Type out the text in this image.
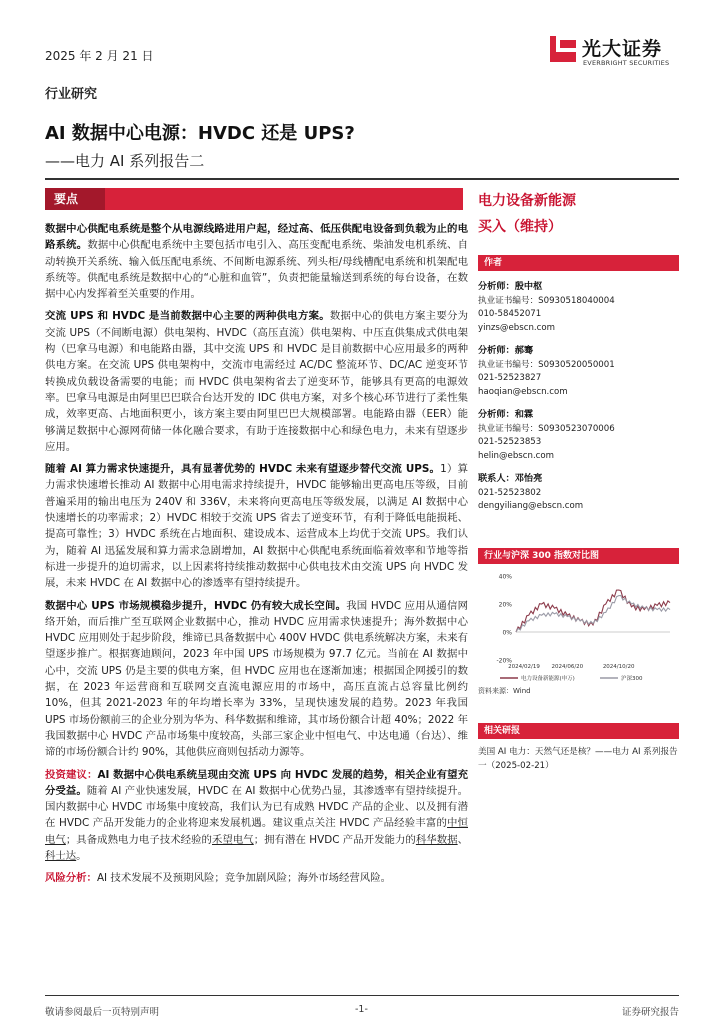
2025 年 2 月 21 日	光大证券
EVERBRIGHT SECURITIES
行业研究
AI 数据中心电源：HVDC 还是 UPS?
——电力 AI 系列报告二
要点

数据中心供配电系统是整个从电源线路进用户起，经过高、低压供配电设备到负载为止的电路系统。数据中心供配电系统中主要包括市电引入、高压变配电系统、柴油发电机系统、自动转换开关系统、输入低压配电系统、不间断电源系统、列头柜/母线槽配电系统和机架配电系统等。供配电系统是数据中心的“心脏和血管”，负责把能量输送到系统的每台设备，在数据中心内发挥着至关重要的作用。

交流 UPS 和 HVDC 是当前数据中心主要的两种供电方案。数据中心的供电方案主要分为交流 UPS（不间断电源）供电架构、HVDC（高压直流）供电架构、中压直供集成式供电架构（巴拿马电源）和电能路由器，其中交流 UPS 和 HVDC 是目前数据中心应用最多的两种供电方案。在交流 UPS 供电架构中，交流市电需经过 AC/DC 整流环节、DC/AC 逆变环节转换成负载设备需要的电能；而 HVDC 供电架构省去了逆变环节，能够具有更高的电源效率。巴拿马电源是由阿里巴巴联合台达开发的 IDC 供电方案，对多个核心环节进行了柔性集成，效率更高、占地面积更小，该方案主要由阿里巴巴大规模部署。电能路由器（EER）能够满足数据中心源网荷储一体化融合要求，有助于连接数据中心和绿色电力，未来有望逐步应用。

随着 AI 算力需求快速提升，具有显著优势的 HVDC 未来有望逐步替代交流 UPS。1）算力需求快速增长推动 AI 数据中心用电需求持续提升，HVDC 能够输出更高电压等级，目前普遍采用的输出电压为 240V 和 336V，未来将向更高电压等级发展，以满足 AI 数据中心快速增长的功率需求；2）HVDC 相较于交流 UPS 省去了逆变环节，有利于降低电能损耗、提高可靠性；3）HVDC 系统在占地面积、建设成本、运营成本上均优于交流 UPS。我们认为，随着 AI 迅猛发展和算力需求急剧增加，AI 数据中心供配电系统面临着效率和节地等指标进一步提升的迫切需求，以上因素将持续推动数据中心供电技术由交流 UPS 向 HVDC 发展，未来 HVDC 在 AI 数据中心的渗透率有望持续提升。

数据中心 UPS 市场规模稳步提升，HVDC 仍有较大成长空间。我国 HVDC 应用从通信网络开始，而后推广至互联网企业数据中心，推动 HVDC 应用需求快速提升；海外数据中心 HVDC 应用则处于起步阶段，维谛已具备数据中心 400V HVDC 供电系统解决方案，未来有望逐步推广。根据赛迪顾问，2023 年中国 UPS 市场规模为 97.7 亿元。当前在 AI 数据中心中，交流 UPS 仍是主要的供电方案，但 HVDC 应用也在逐渐加速；根据国企网援引的数据，在 2023 年运营商和互联网交直流电源应用的市场中，高压直流占总容量比例约 10%，但其 2021-2023 年的年均增长率为 33%，呈现快速发展的趋势。2023 年我国 UPS 市场份额前三的企业分别为华为、科华数据和维谛，其市场份额合计超 40%；2022 年我国数据中心 HVDC 产品市场集中度较高，头部三家企业中恒电气、中达电通（台达）、维谛的市场份额合计约 90%，其他供应商则包括动力源等。

投资建议：AI 数据中心供电系统呈现由交流 UPS 向 HVDC 发展的趋势，相关企业有望充分受益。随着 AI 产业快速发展，HVDC 在 AI 数据中心优势凸显，其渗透率有望持续提升。国内数据中心 HVDC 市场集中度较高，我们认为已有成熟 HVDC 产品的企业、以及拥有潜在 HVDC 产品开发能力的企业将迎来发展机遇。建议重点关注 HVDC 产品经验丰富的中恒电气；具备成熟电力电子技术经验的禾望电气；拥有潜在 HVDC 产品开发能力的科华数据、科士达。

风险分析：AI 技术发展不及预期风险；竞争加剧风险；海外市场经营风险。

电力设备新能源
买入（维持）
作者
分析师：殷中枢
执业证书编号：S0930518040004
010-58452071
yinzs@ebscn.com
分析师：郝骞
执业证书编号：S0930520050001
021-52523827
haoqian@ebscn.com
分析师：和霖
执业证书编号：S0930523070006
021-52523853
helin@ebscn.com
联系人：邓怡亮
021-52523802
dengyiliang@ebscn.com
行业与沪深 300 指数对比图
-20%
0%
20%
40%
2024/02/19 2024/06/20	2024/10/20
电力设备新能源(申万)	沪深300
资料来源：Wind
相关研报
美国 AI 电力：天然气还是核？——电力 AI 系列报告一（2025-02-21）
敬请参阅最后一页特别声明	-1-	证券研究报告
